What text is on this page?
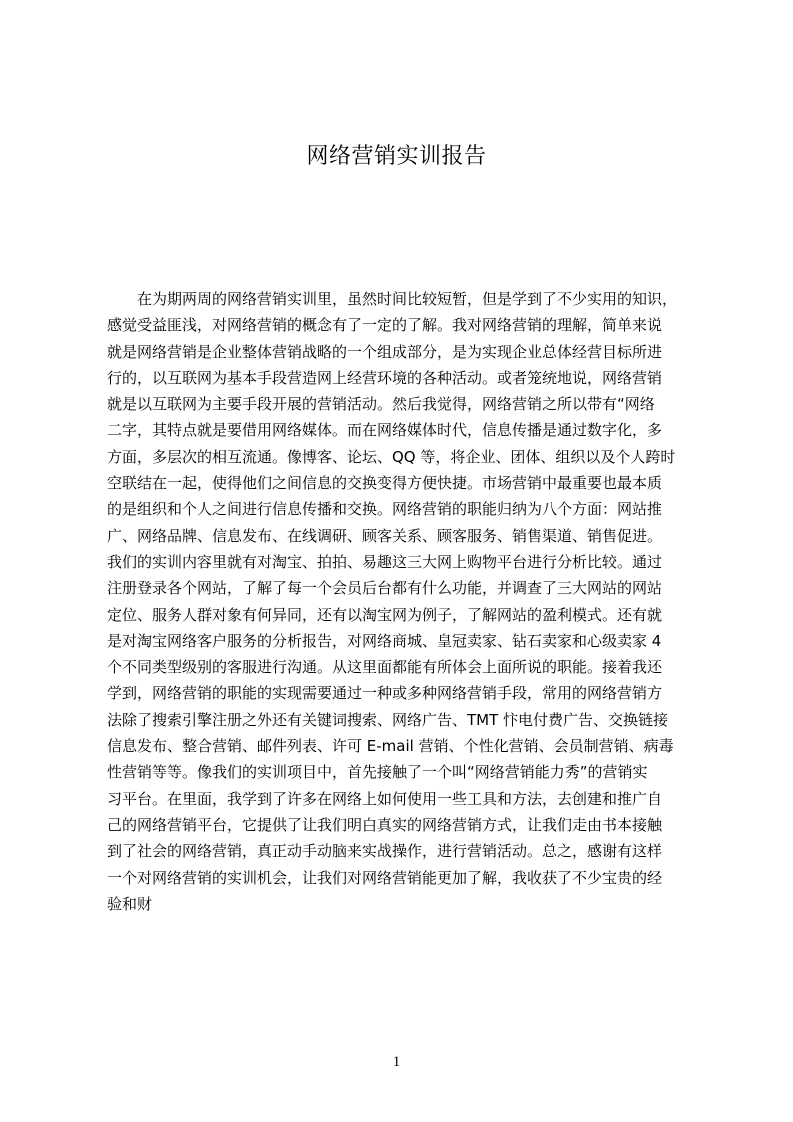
网络营销实训报告
　　在为期两周的网络营销实训里，虽然时间比较短暂，但是学到了不少实用的知识，
感觉受益匪浅，对网络营销的概念有了一定的了解。我对网络营销的理解，简单来说
就是网络营销是企业整体营销战略的一个组成部分，是为实现企业总体经营目标所进
行的，以互联网为基本手段营造网上经营环境的各种活动。或者笼统地说，网络营销
就是以互联网为主要手段开展的营销活动。然后我觉得，网络营销之所以带有“网络
二字，其特点就是要借用网络媒体。而在网络媒体时代，信息传播是通过数字化，多
方面，多层次的相互流通。像博客、论坛、QQ 等，将企业、团体、组织以及个人跨时
空联结在一起，使得他们之间信息的交换变得方便快捷。市场营销中最重要也最本质
的是组织和个人之间进行信息传播和交换。网络营销的职能归纳为八个方面：网站推
广、网络品牌、信息发布、在线调研、顾客关系、顾客服务、销售渠道、销售促进。
我们的实训内容里就有对淘宝、拍拍、易趣这三大网上购物平台进行分析比较。通过
注册登录各个网站，了解了每一个会员后台都有什么功能，并调查了三大网站的网站
定位、服务人群对象有何异同，还有以淘宝网为例子，了解网站的盈利模式。还有就
是对淘宝网络客户服务的分析报告，对网络商城、皇冠卖家、钻石卖家和心级卖家 4
个不同类型级别的客服进行沟通。从这里面都能有所体会上面所说的职能。接着我还
学到，网络营销的职能的实现需要通过一种或多种网络营销手段，常用的网络营销方
法除了搜索引擎注册之外还有关键词搜索、网络广告、TMT 忭电付费广告、交换链接
信息发布、整合营销、邮件列表、许可 E-mail 营销、个性化营销、会员制营销、病毒
性营销等等。像我们的实训项目中，首先接触了一个叫“网络营销能力秀”的营销实
习平台。在里面，我学到了许多在网络上如何使用一些工具和方法，去创建和推广自
己的网络营销平台，它提供了让我们明白真实的网络营销方式，让我们走由书本接触
到了社会的网络营销，真正动手动脑来实战操作，进行营销活动。总之，感谢有这样
一个对网络营销的实训机会，让我们对网络营销能更加了解，我收获了不少宝贵的经
验和财
1
